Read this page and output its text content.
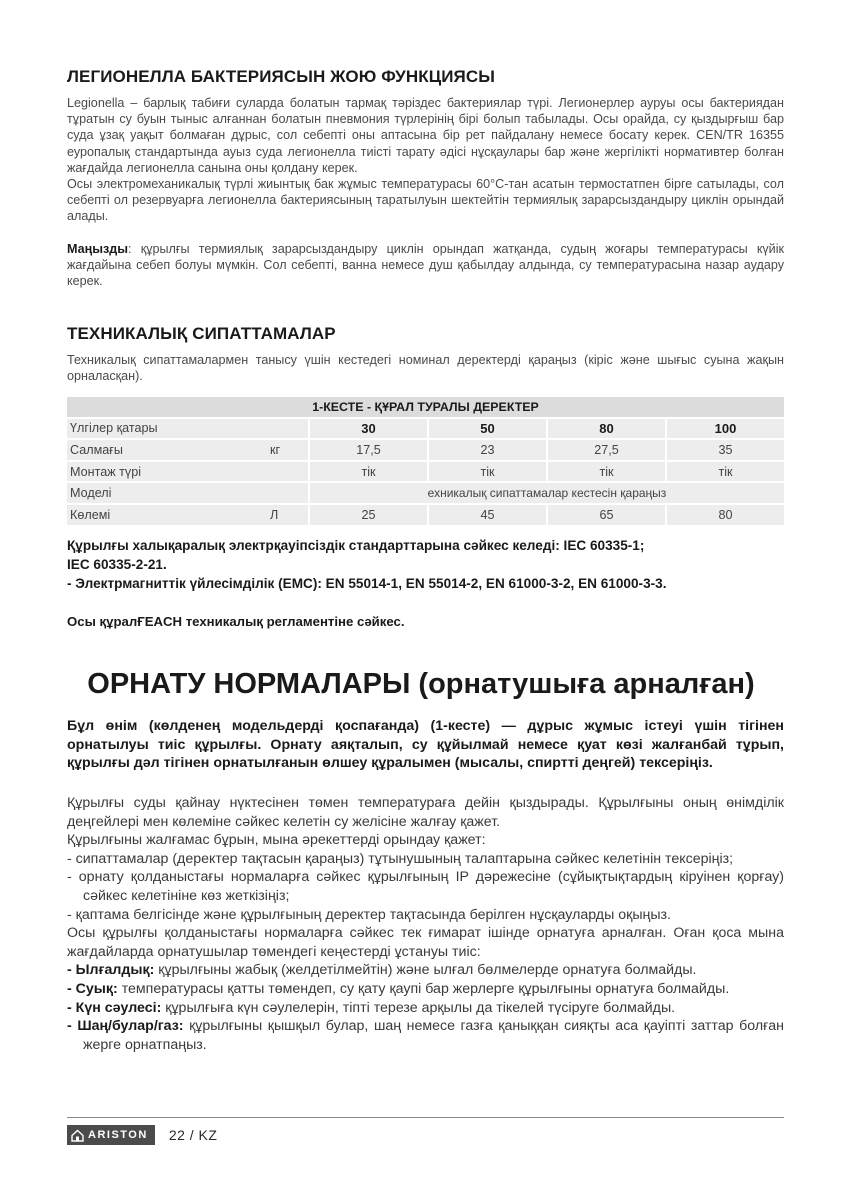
ЛЕГИОНЕЛЛА БАКТЕРИЯСЫН ЖОЮ ФУНКЦИЯСЫ

Legionella – барлық табиғи суларда болатын тармақ тәріздес бактериялар түрі. Легионерлер ауруы осы бактериядан тұратын су буын тыныс алғаннан болатын пневмония түрлерінің бірі болып табылады. Осы орайда, су қыздырғыш бар суда ұзақ уақыт болмаған дұрыс, сол себепті оны аптасына бір рет пайдалану немесе босату керек. CEN/TR 16355 еуропалық стандартында ауыз суда легионелла тиісті тарату әдісі нұсқаулары бар және жергілікті нормативтер болған жағдайда легионелла санына оны қолдану керек.

Осы электромеханикалық түрлі жиынтық бак жұмыс температурасы 60°C-тан асатын термостатпен бірге сатылады, сол себепті ол резервуарға легионелла бактериясының таратылуын шектейтін термиялық зарарсыздандыру циклін орындай алады.

Маңызды: құрылғы термиялық зарарсыздандыру циклін орындап жатқанда, судың жоғары температурасы күйік жағдайына себеп болуы мүмкін. Сол себепті, ванна немесе душ қабылдау алдында, су температурасына назар аудару керек.

ТЕХНИКАЛЫҚ СИПАТТАМАЛАР

Техникалық сипаттамалармен танысу үшін кестедегі номинал деректерді қараңыз (кіріс және шығыс суына жақын орналасқан).

1-КЕСТЕ - ҚҰРАЛ ТУРАЛЫ ДЕРЕКТЕР					
Үлгілер қатары		30	50	80	100
Салмағы	кг	17,5	23	27,5	35
Монтаж түрі		тік	тік	тік	тік
Моделі		ехникалық сипаттамалар кестесін қараңыз			
Көлемі	Л	25	45	65	80
Құрылғы халықаралық электрқауіпсіздік стандарттарына сәйкес келеді: IEC 60335-1;
IEC 60335-2-21.
- Электрмагниттік үйлесімділік (EMC): EN 55014-1, EN 55014-2, EN 61000-3-2, EN 61000-3-3.
Осы құралҒEACH техникалық регламентіне сәйкес.
ОРНАТУ НОРМАЛАРЫ (орнатушыға арналған)

Бұл өнім (көлденең модельдерді қоспағанда) (1-кесте) — дұрыс жұмыс істеуі үшін тігінен орнатылуы тиіс құрылғы. Орнату аяқталып, су құйылмай немесе қуат көзі жалғанбай тұрып, құрылғы дәл тігінен орнатылғанын өлшеу құралымен (мысалы, спиртті деңгей) тексеріңіз.

Құрылғы суды қайнау нүктесінен төмен температураға дейін қыздырады. Құрылғыны оның өнімділік деңгейлері мен көлеміне сәйкес келетін су желісіне жалғау қажет.

Құрылғыны жалғамас бұрын, мына әрекеттерді орындау қажет:

- сипаттамалар (деректер тақтасын қараңыз) тұтынушының талаптарына сәйкес келетінін тексеріңіз;

- орнату қолданыстағы нормаларға сәйкес құрылғының IP дәрежесіне (сұйықтықтардың кіруінен қорғау) сәйкес келетініне көз жеткізіңіз;

- қаптама белгісінде және құрылғының деректер тақтасында берілген нұсқауларды оқыңыз.

Осы құрылғы қолданыстағы нормаларға сәйкес тек ғимарат ішінде орнатуға арналған. Оған қоса мына жағдайларда орнатушылар төмендегі кеңестерді ұстануы тиіс:

- Ылғалдық: құрылғыны жабық (желдетілмейтін) және ылғал бөлмелерде орнатуға болмайды.

- Суық: температурасы қатты төмендеп, су қату қаупі бар жерлерге құрылғыны орнатуға болмайды.

- Күн сәулесі: құрылғыға күн сәулелерін, тіпті терезе арқылы да тікелей түсіруге болмайды.

- Шаң/булар/газ: құрылғыны қышқыл булар, шаң немесе газға қаныққан сияқты аса қауіпті заттар болған жерге орнатпаңыз.

ARISTON 22 / KZ
